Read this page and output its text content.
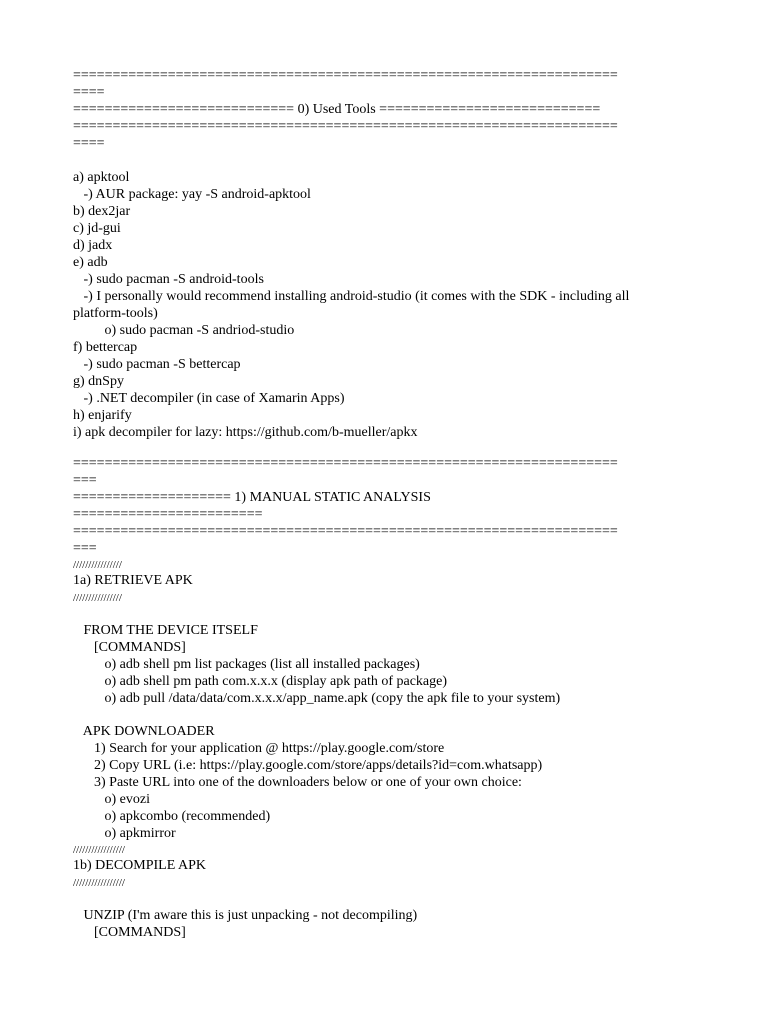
=====================================================================
====
============================ 0) Used Tools ============================
=====================================================================
====
a) apktool
-) AUR package: yay -S android-apktool
b) dex2jar
c) jd-gui
d) jadx
e) adb
-) sudo pacman -S android-tools
-) I personally would recommend installing android-studio (it comes with the SDK - including all
platform-tools)
o) sudo pacman -S andriod-studio
f) bettercap
-) sudo pacman -S bettercap
g) dnSpy
-) .NET decompiler (in case of Xamarin Apps)
h) enjarify
i) apk decompiler for lazy: https://github.com/b-mueller/apkx
=====================================================================
===
==================== 1) MANUAL STATIC ANALYSIS
========================
=====================================================================
===
////////////////
1a) RETRIEVE APK
////////////////
FROM THE DEVICE ITSELF
[COMMANDS]
o) adb shell pm list packages (list all installed packages)
o) adb shell pm path com.x.x.x (display apk path of package)
o) adb pull /data/data/com.x.x.x/app_name.apk (copy the apk file to your system)
APK DOWNLOADER
1) Search for your application @ https://play.google.com/store
2) Copy URL (i.e: https://play.google.com/store/apps/details?id=com.whatsapp)
3) Paste URL into one of the downloaders below or one of your own choice:
o) evozi
o) apkcombo (recommended)
o) apkmirror
/////////////////
1b) DECOMPILE APK
/////////////////
UNZIP (I'm aware this is just unpacking - not decompiling)
[COMMANDS]
